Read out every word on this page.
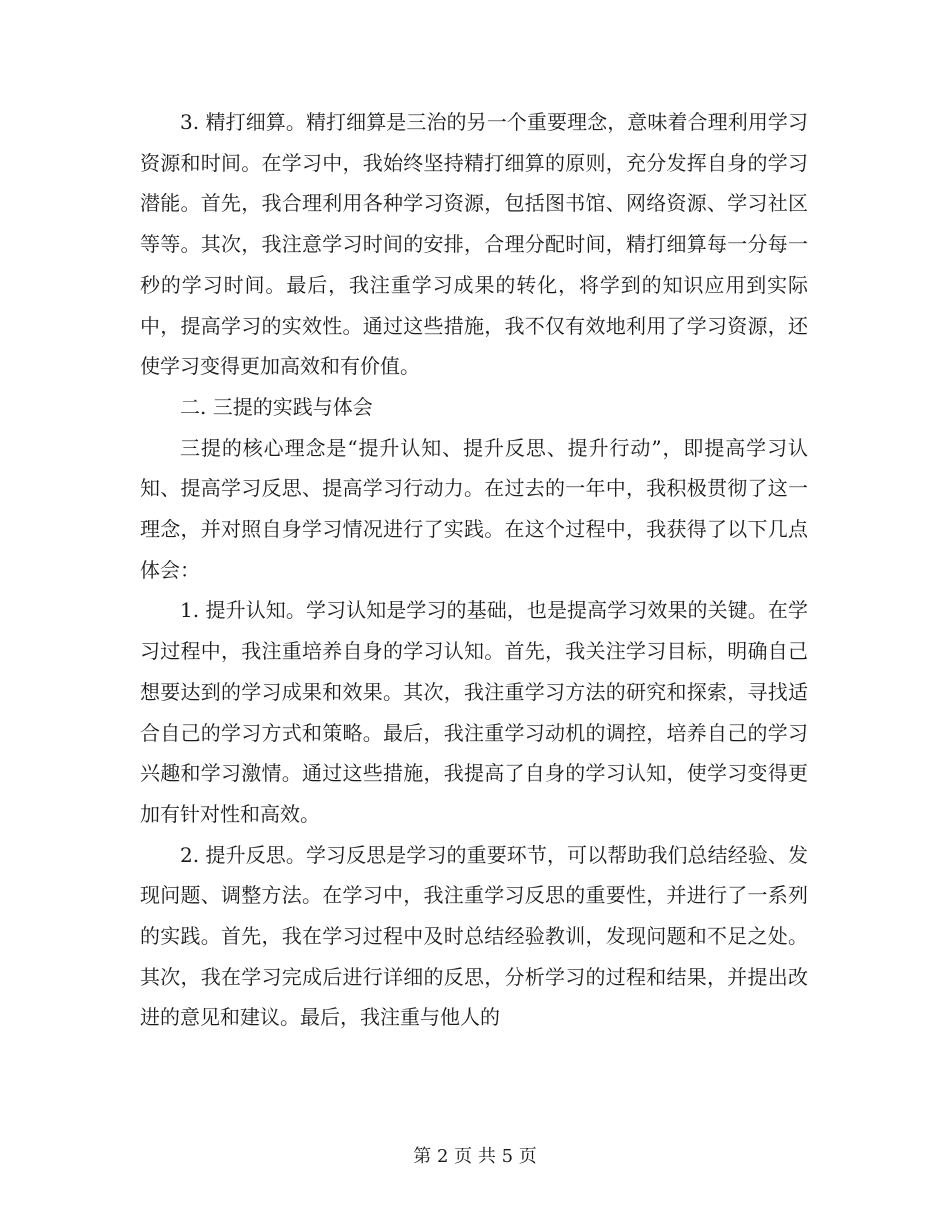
3. 精打细算。精打细算是三治的另一个重要理念，意味着合理利用学习资源和时间。在学习中，我始终坚持精打细算的原则，充分发挥自身的学习潜能。首先，我合理利用各种学习资源，包括图书馆、网络资源、学习社区等等。其次，我注意学习时间的安排，合理分配时间，精打细算每一分每一秒的学习时间。最后，我注重学习成果的转化，将学到的知识应用到实际中，提高学习的实效性。通过这些措施，我不仅有效地利用了学习资源，还使学习变得更加高效和有价值。

二. 三提的实践与体会

三提的核心理念是“提升认知、提升反思、提升行动”，即提高学习认知、提高学习反思、提高学习行动力。在过去的一年中，我积极贯彻了这一理念，并对照自身学习情况进行了实践。在这个过程中，我获得了以下几点体会：

1. 提升认知。学习认知是学习的基础，也是提高学习效果的关键。在学习过程中，我注重培养自身的学习认知。首先，我关注学习目标，明确自己想要达到的学习成果和效果。其次，我注重学习方法的研究和探索，寻找适合自己的学习方式和策略。最后，我注重学习动机的调控，培养自己的学习兴趣和学习激情。通过这些措施，我提高了自身的学习认知，使学习变得更加有针对性和高效。

2. 提升反思。学习反思是学习的重要环节，可以帮助我们总结经验、发现问题、调整方法。在学习中，我注重学习反思的重要性，并进行了一系列的实践。首先，我在学习过程中及时总结经验教训，发现问题和不足之处。其次，我在学习完成后进行详细的反思，分析学习的过程和结果，并提出改进的意见和建议。最后，我注重与他人的

第 2 页 共 5 页
